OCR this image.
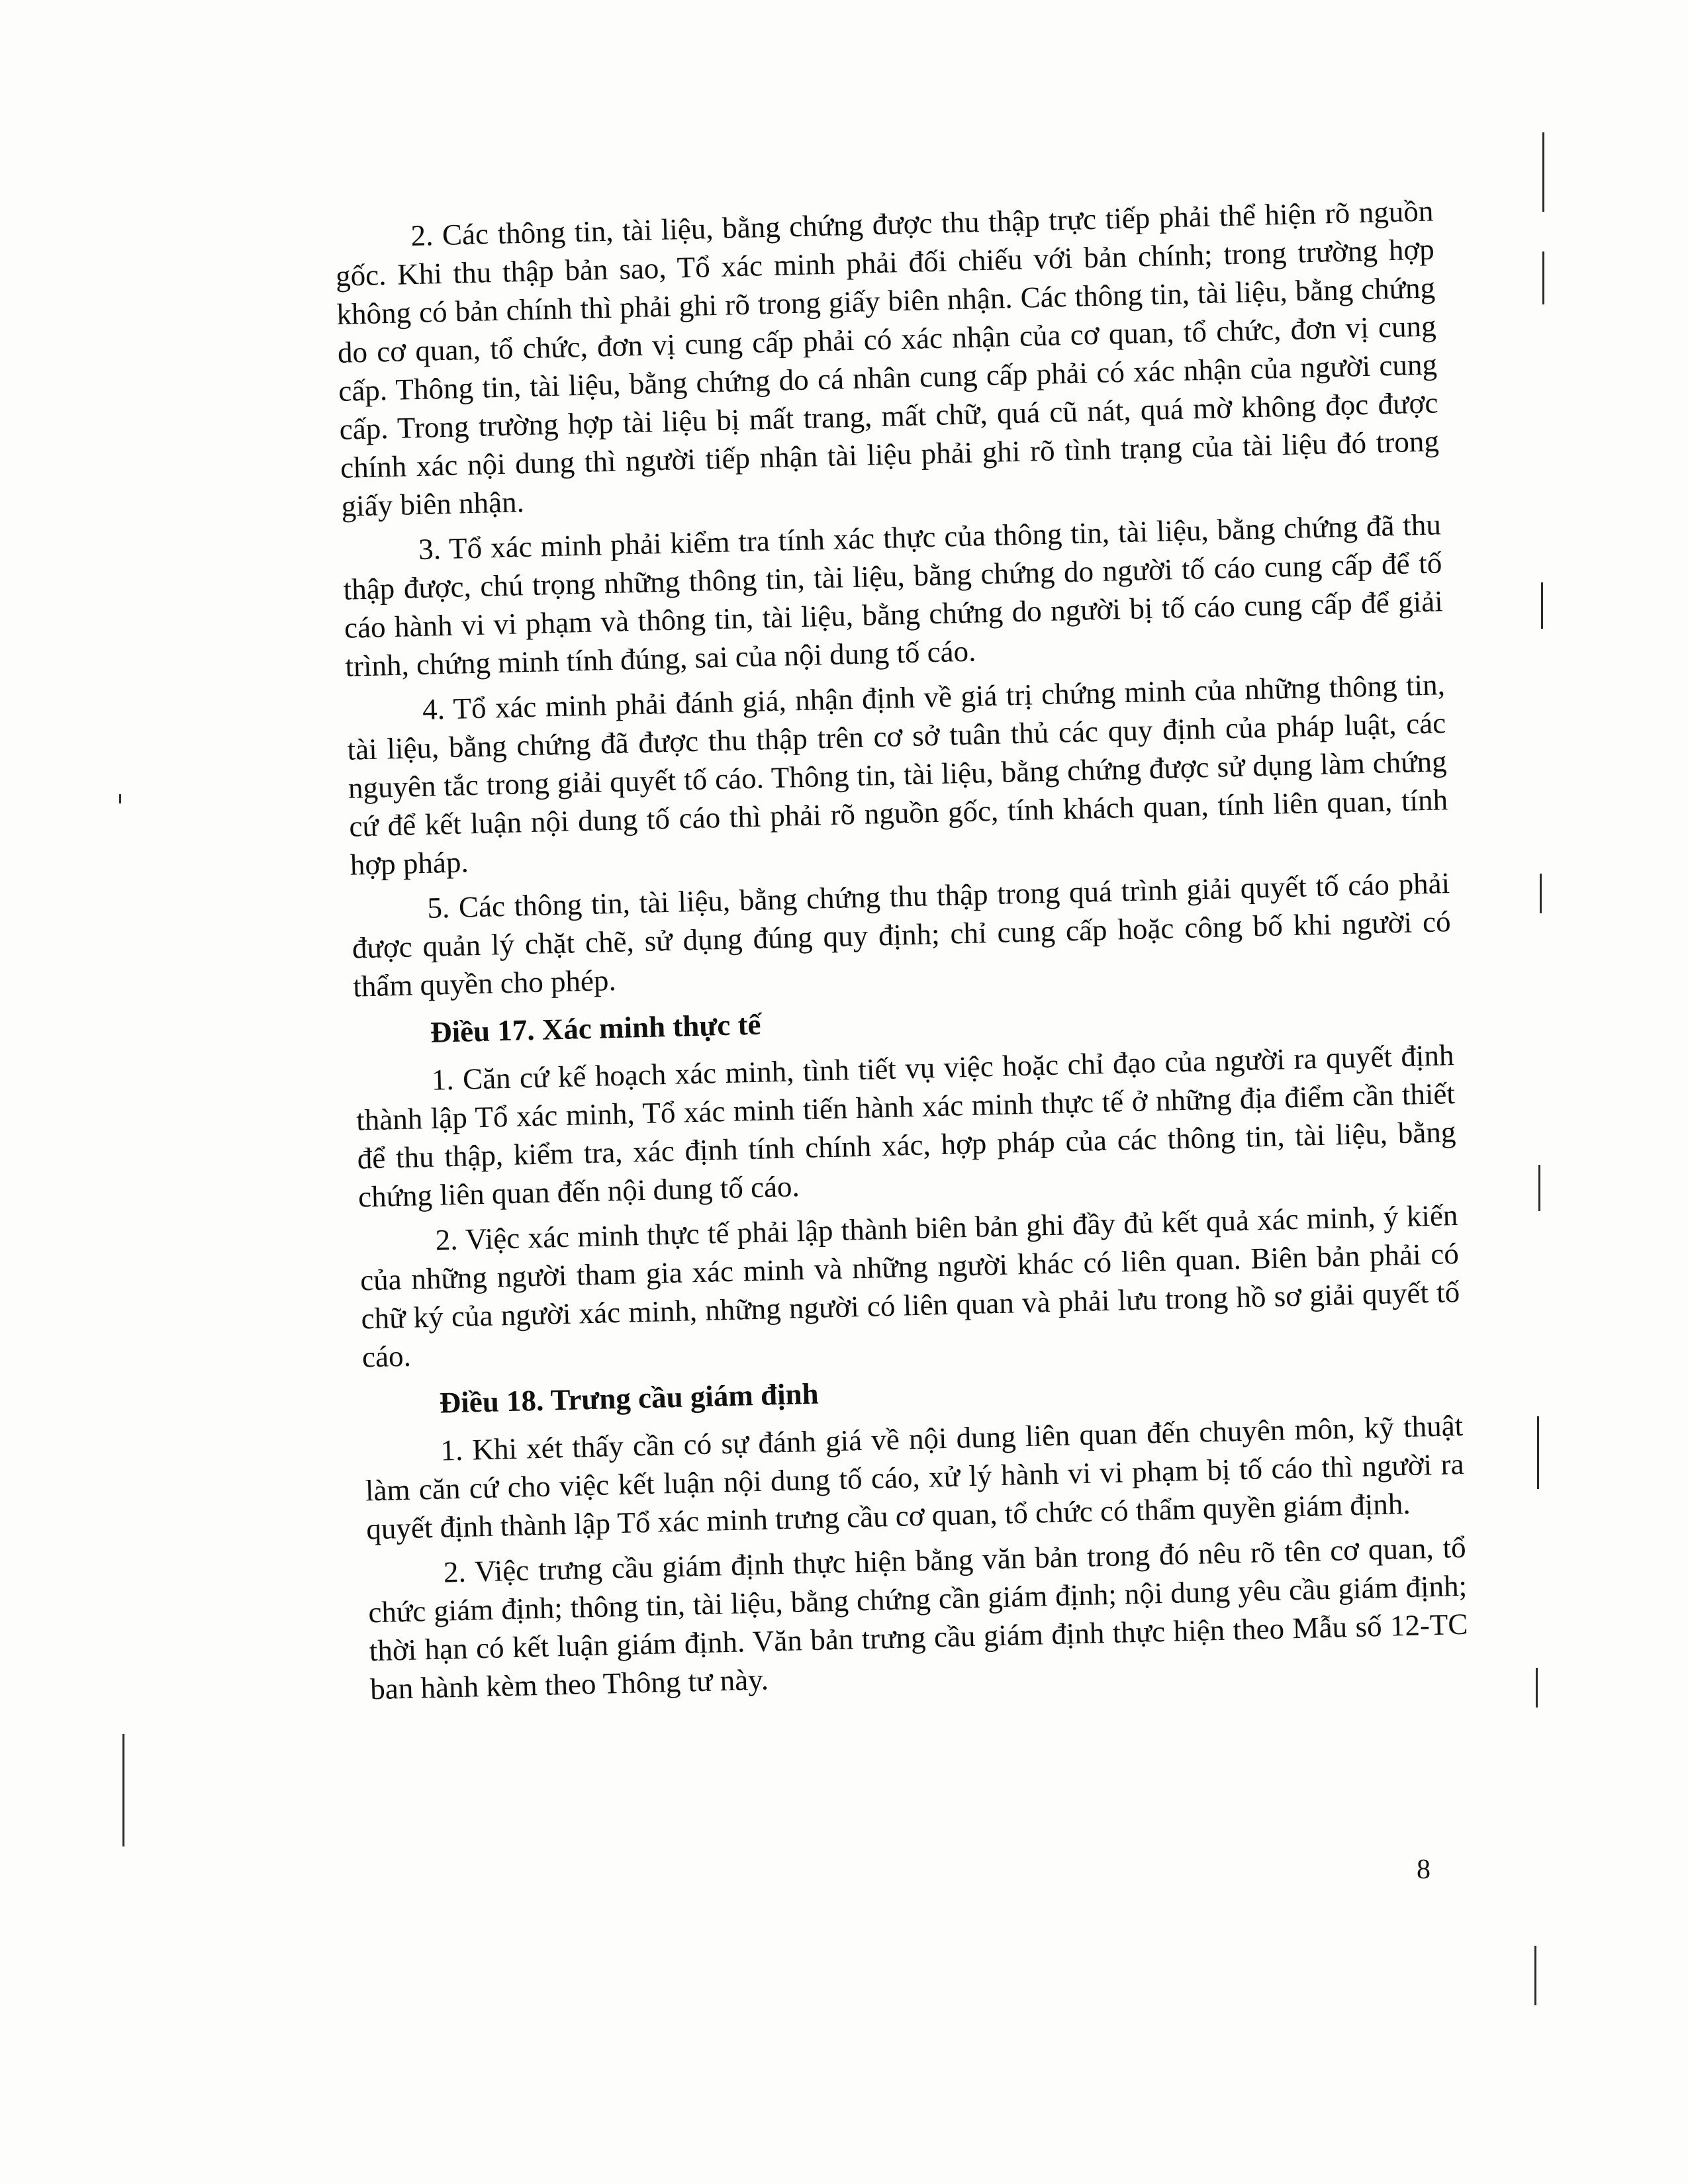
2. Các thông tin, tài liệu, bằng chứng được thu thập trực tiếp phải thể hiện rõ nguồn gốc. Khi thu thập bản sao, Tổ xác minh phải đối chiếu với bản chính; trong trường hợp không có bản chính thì phải ghi rõ trong giấy biên nhận. Các thông tin, tài liệu, bằng chứng do cơ quan, tổ chức, đơn vị cung cấp phải có xác nhận của cơ quan, tổ chức, đơn vị cung cấp. Thông tin, tài liệu, bằng chứng do cá nhân cung cấp phải có xác nhận của người cung cấp. Trong trường hợp tài liệu bị mất trang, mất chữ, quá cũ nát, quá mờ không đọc được chính xác nội dung thì người tiếp nhận tài liệu phải ghi rõ tình trạng của tài liệu đó trong giấy biên nhận.

3. Tổ xác minh phải kiểm tra tính xác thực của thông tin, tài liệu, bằng chứng đã thu thập được, chú trọng những thông tin, tài liệu, bằng chứng do người tố cáo cung cấp để tố cáo hành vi vi phạm và thông tin, tài liệu, bằng chứng do người bị tố cáo cung cấp để giải trình, chứng minh tính đúng, sai của nội dung tố cáo.

4. Tổ xác minh phải đánh giá, nhận định về giá trị chứng minh của những thông tin, tài liệu, bằng chứng đã được thu thập trên cơ sở tuân thủ các quy định của pháp luật, các nguyên tắc trong giải quyết tố cáo. Thông tin, tài liệu, bằng chứng được sử dụng làm chứng cứ để kết luận nội dung tố cáo thì phải rõ nguồn gốc, tính khách quan, tính liên quan, tính hợp pháp.

5. Các thông tin, tài liệu, bằng chứng thu thập trong quá trình giải quyết tố cáo phải được quản lý chặt chẽ, sử dụng đúng quy định; chỉ cung cấp hoặc công bố khi người có thẩm quyền cho phép.

Điều 17. Xác minh thực tế

1. Căn cứ kế hoạch xác minh, tình tiết vụ việc hoặc chỉ đạo của người ra quyết định thành lập Tổ xác minh, Tổ xác minh tiến hành xác minh thực tế ở những địa điểm cần thiết để thu thập, kiểm tra, xác định tính chính xác, hợp pháp của các thông tin, tài liệu, bằng chứng liên quan đến nội dung tố cáo.

2. Việc xác minh thực tế phải lập thành biên bản ghi đầy đủ kết quả xác minh, ý kiến của những người tham gia xác minh và những người khác có liên quan. Biên bản phải có chữ ký của người xác minh, những người có liên quan và phải lưu trong hồ sơ giải quyết tố cáo.

Điều 18. Trưng cầu giám định

1. Khi xét thấy cần có sự đánh giá về nội dung liên quan đến chuyên môn, kỹ thuật làm căn cứ cho việc kết luận nội dung tố cáo, xử lý hành vi vi phạm bị tố cáo thì người ra quyết định thành lập Tổ xác minh trưng cầu cơ quan, tổ chức có thẩm quyền giám định.

2. Việc trưng cầu giám định thực hiện bằng văn bản trong đó nêu rõ tên cơ quan, tổ chức giám định; thông tin, tài liệu, bằng chứng cần giám định; nội dung yêu cầu giám định; thời hạn có kết luận giám định. Văn bản trưng cầu giám định thực hiện theo Mẫu số 12-TC ban hành kèm theo Thông tư này.

8
